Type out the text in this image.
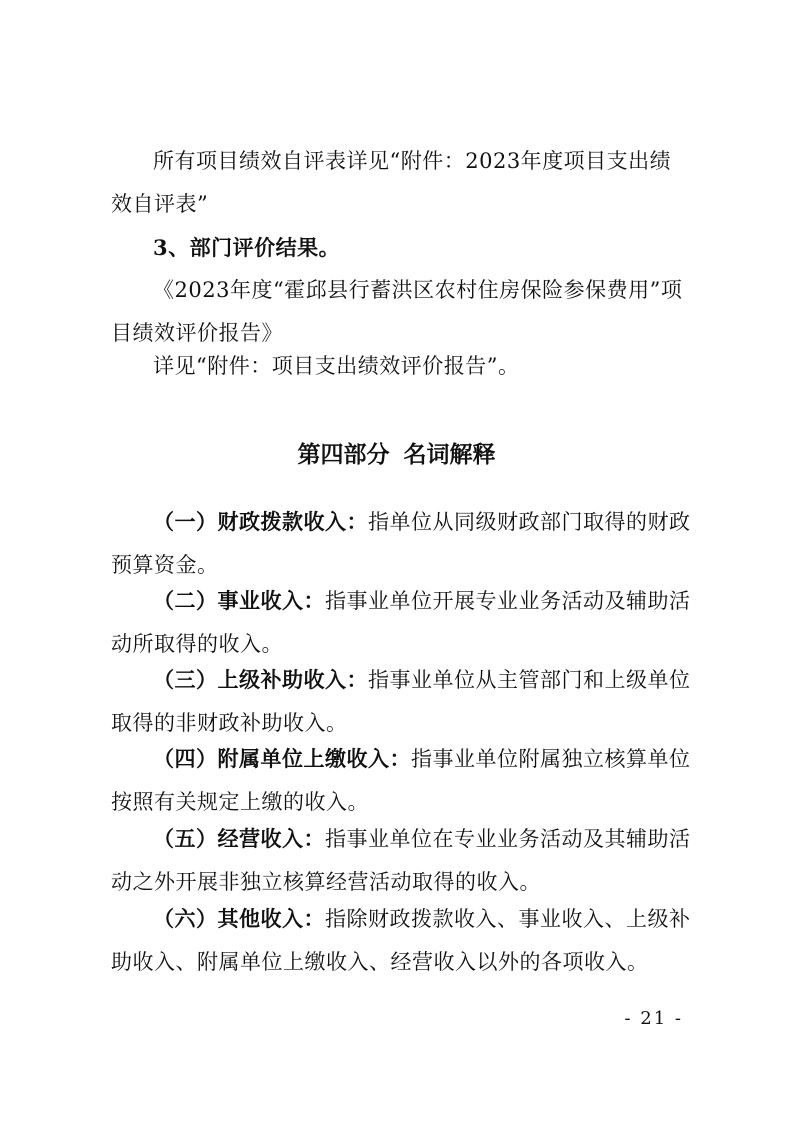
所有项目绩效自评表详见“附件：2023年度项目支出绩效自评表”

3、部门评价结果。

《2023年度“霍邱县行蓄洪区农村住房保险参保费用”项目绩效评价报告》

详见“附件：项目支出绩效评价报告”。

第四部分 名词解释

（一）财政拨款收入：指单位从同级财政部门取得的财政预算资金。

（二）事业收入：指事业单位开展专业业务活动及辅助活动所取得的收入。

（三）上级补助收入：指事业单位从主管部门和上级单位取得的非财政补助收入。

（四）附属单位上缴收入：指事业单位附属独立核算单位按照有关规定上缴的收入。

（五）经营收入：指事业单位在专业业务活动及其辅助活动之外开展非独立核算经营活动取得的收入。

（六）其他收入：指除财政拨款收入、事业收入、上级补助收入、附属单位上缴收入、经营收入以外的各项收入。

- 21 -
